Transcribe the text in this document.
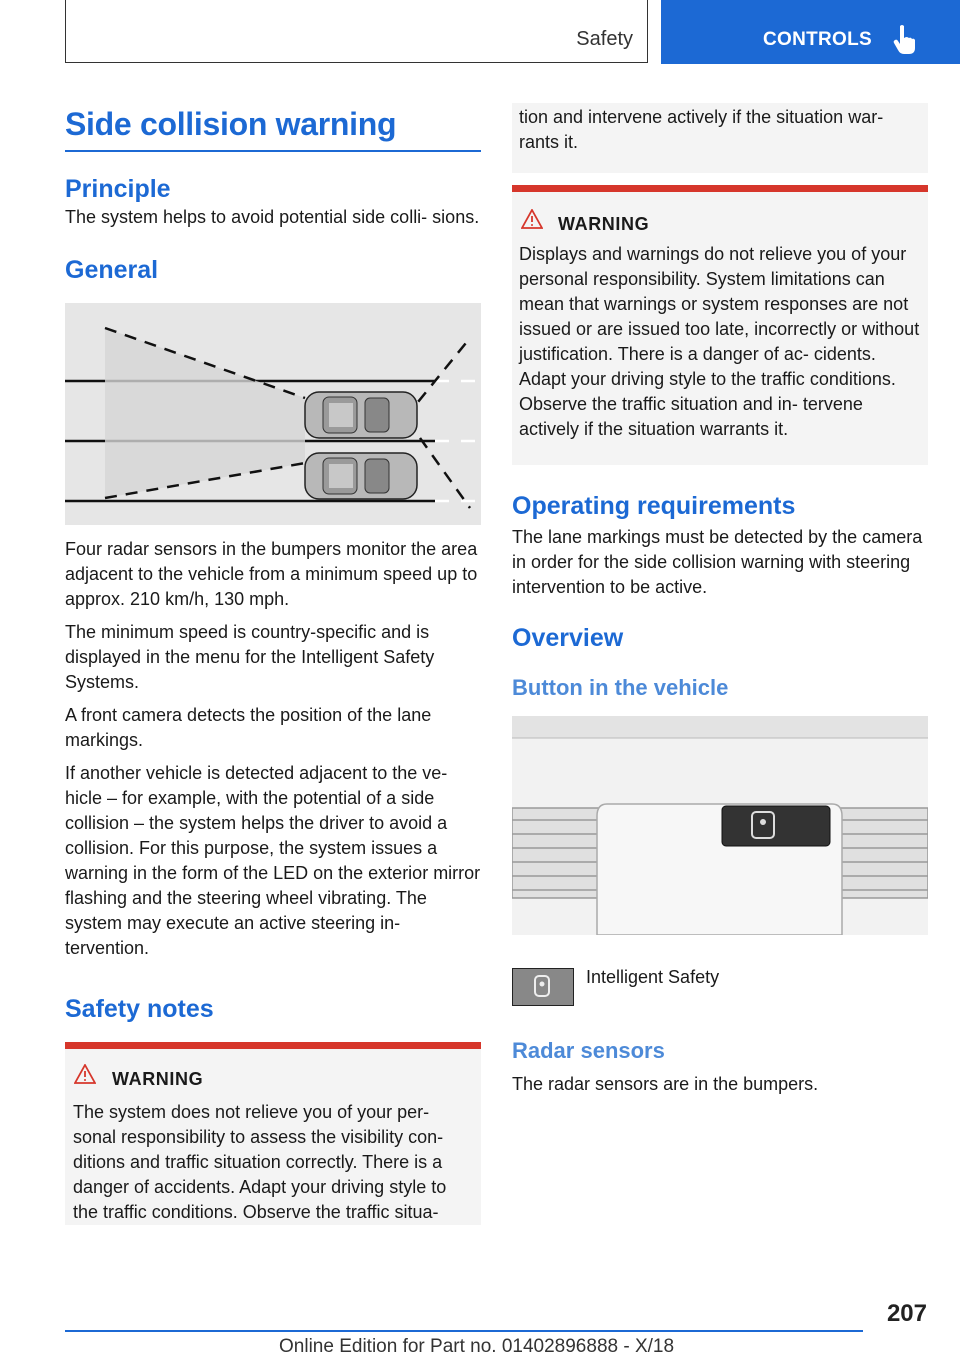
Safety	CONTROLS
Side collision warning
Principle

The system helps to avoid potential side colli‐ sions.

General

Four radar sensors in the bumpers monitor the area adjacent to the vehicle from a minimum speed up to approx. 210 km/h, 130 mph.

The minimum speed is country-specific and is displayed in the menu for the Intelligent Safety Systems.

A front camera detects the position of the lane markings.

If another vehicle is detected adjacent to the ve‐ hicle – for example, with the potential of a side collision – the system helps the driver to avoid a collision. For this purpose, the system issues a warning in the form of the LED on the exterior mirror flashing and the steering wheel vibrating. The system may execute an active steering in‐ tervention.

Safety notes
WARNING

The system does not relieve you of your per‐ sonal responsibility to assess the visibility con‐ ditions and traffic situation correctly. There is a danger of accidents. Adapt your driving style to the traffic conditions. Observe the traffic situa‐

tion and intervene actively if the situation war‐ rants it.

WARNING

Displays and warnings do not relieve you of your personal responsibility. System limitations can mean that warnings or system responses are not issued or are issued too late, incorrectly or without justification. There is a danger of ac‐ cidents. Adapt your driving style to the traffic conditions. Observe the traffic situation and in‐ tervene actively if the situation warrants it.

Operating requirements

The lane markings must be detected by the camera in order for the side collision warning with steering intervention to be active.

Overview
Button in the vehicle

Intelligent Safety

Radar sensors

The radar sensors are in the bumpers.

207
Online Edition for Part no. 01402896888 - X/18
